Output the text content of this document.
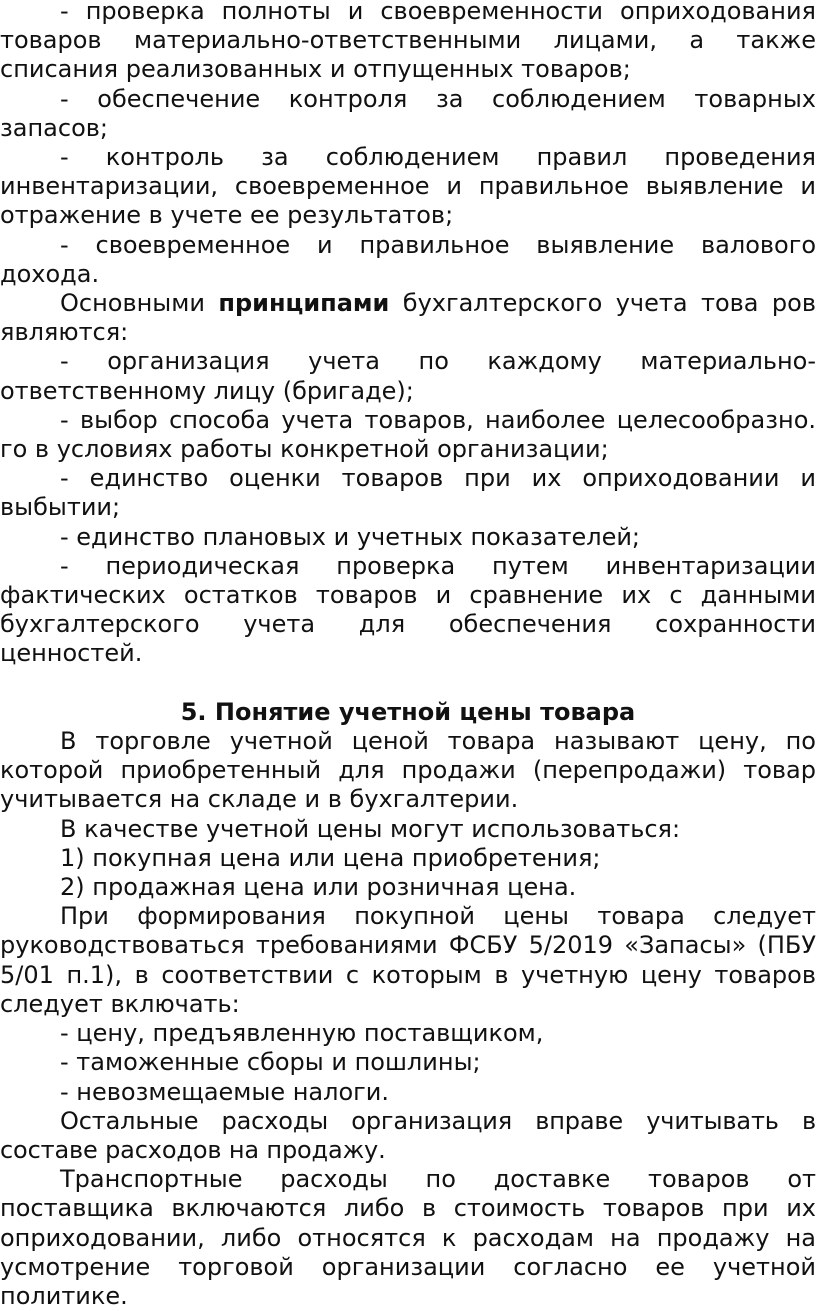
- проверка полноты и своевременности оприходования товаров материально-ответственными лицами, а также списания реализованных и отпущенных товаров;

- обеспечение контроля за соблюдением товарных запасов;

- контроль за соблюдением правил проведения инвентаризации, своевременное и правильное выявление и отражение в учете ее результатов;

- своевременное и правильное выявление валового дохода.

Основными принципами бухгалтерского учета това ров являются:

- организация учета по каждому материально-ответственному лицу (бригаде);

- выбор способа учета товаров, наиболее целесообразно. го в условиях работы конкретной организации;

- единство оценки товаров при их оприходовании и выбытии;

- единство плановых и учетных показателей;

- периодическая проверка путем инвентаризации фактических остатков товаров и сравнение их с данными бухгалтерского учета для обеспечения сохранности ценностей.

5. Понятие учетной цены товара

В торговле учетной ценой товара называют цену, по которой приобретенный для продажи (перепродажи) товар учитывается на складе и в бухгалтерии.

В качестве учетной цены могут использоваться:

1) покупная цена или цена приобретения;

2) продажная цена или розничная цена.

При формирования покупной цены товара следует руководствоваться требованиями ФСБУ 5/2019 «Запасы» (ПБУ 5/01 п.1), в соответствии с которым в учетную цену товаров следует включать:

- цену, предъявленную поставщиком,

- таможенные сборы и пошлины;

- невозмещаемые налоги.

Остальные расходы организация вправе учитывать в составе расходов на продажу.

Транспортные расходы по доставке товаров от поставщика включаются либо в стоимость товаров при их оприходовании, либо относятся к расходам на продажу на усмотрение торговой организации согласно ее учетной политике.
